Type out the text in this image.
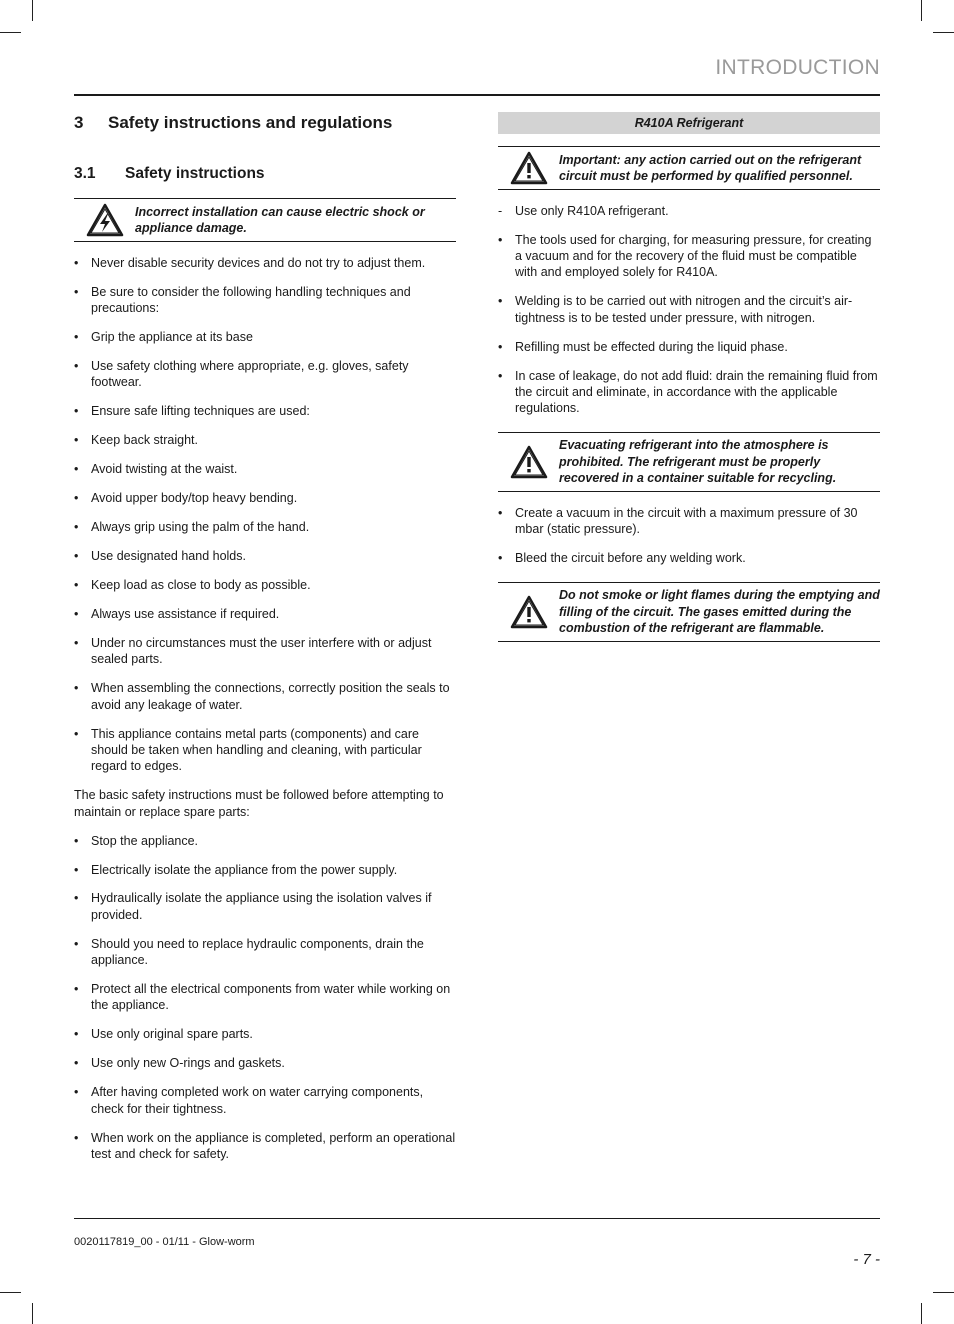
INTRODUCTION
3	Safety instructions and regulations
3.1	Safety instructions
Incorrect installation can cause electric shock or appliance damage.
• Never disable security devices and do not try to adjust them.
• Be sure to consider the following handling techniques and precautions:
• Grip the appliance at its base
• Use safety clothing where appropriate, e.g. gloves, safety footwear.
• Ensure safe lifting techniques are used:
• Keep back straight.
• Avoid twisting at the waist.
• Avoid upper body/top heavy bending.
• Always grip using the palm of the hand.
• Use designated hand holds.
• Keep load as close to body as possible.
• Always use assistance if required.
• Under no circumstances must the user interfere with or adjust sealed parts.
• When assembling the connections, correctly position the seals to avoid any leakage of water.
• This appliance contains metal parts (components) and care should be taken when handling and cleaning, with particular regard to edges.
The basic safety instructions must be followed before attempting to maintain or replace spare parts:
• Stop the appliance.
• Electrically isolate the appliance from the power supply.
• Hydraulically isolate the appliance using the isolation valves if provided.
• Should you need to replace hydraulic components, drain the appliance.
• Protect all the electrical components from water while working on the appliance.
• Use only original spare parts.
• Use only new O-rings and gaskets.
• After having completed work on water carrying components, check for their tightness.
• When work on the appliance is completed, perform an operational test and check for safety.
R410A Refrigerant
Important: any action carried out on the refrigerant circuit must be performed by qualified personnel.
- Use only R410A refrigerant.
• The tools used for charging, for measuring pressure, for creating a vacuum and for the recovery of the fluid must be compatible with and employed solely for R410A.
• Welding is to be carried out with nitrogen and the circuit’s air-tightness is to be tested under pressure, with nitrogen.
• Refilling must be effected during the liquid phase.
• In case of leakage, do not add fluid: drain the remaining fluid from the circuit and eliminate, in accordance with the applicable regulations.
Evacuating refrigerant into the atmosphere is prohibited. The refrigerant must be properly recovered in a container suitable for recycling.
• Create a vacuum in the circuit with a maximum pressure of 30 mbar (static pressure).
• Bleed the circuit before any welding work.
Do not smoke or light flames during the emptying and filling of the circuit. The gases emitted during the combustion of the refrigerant are flammable.
0020117819_00 - 01/11 - Glow-worm
- 7 -
